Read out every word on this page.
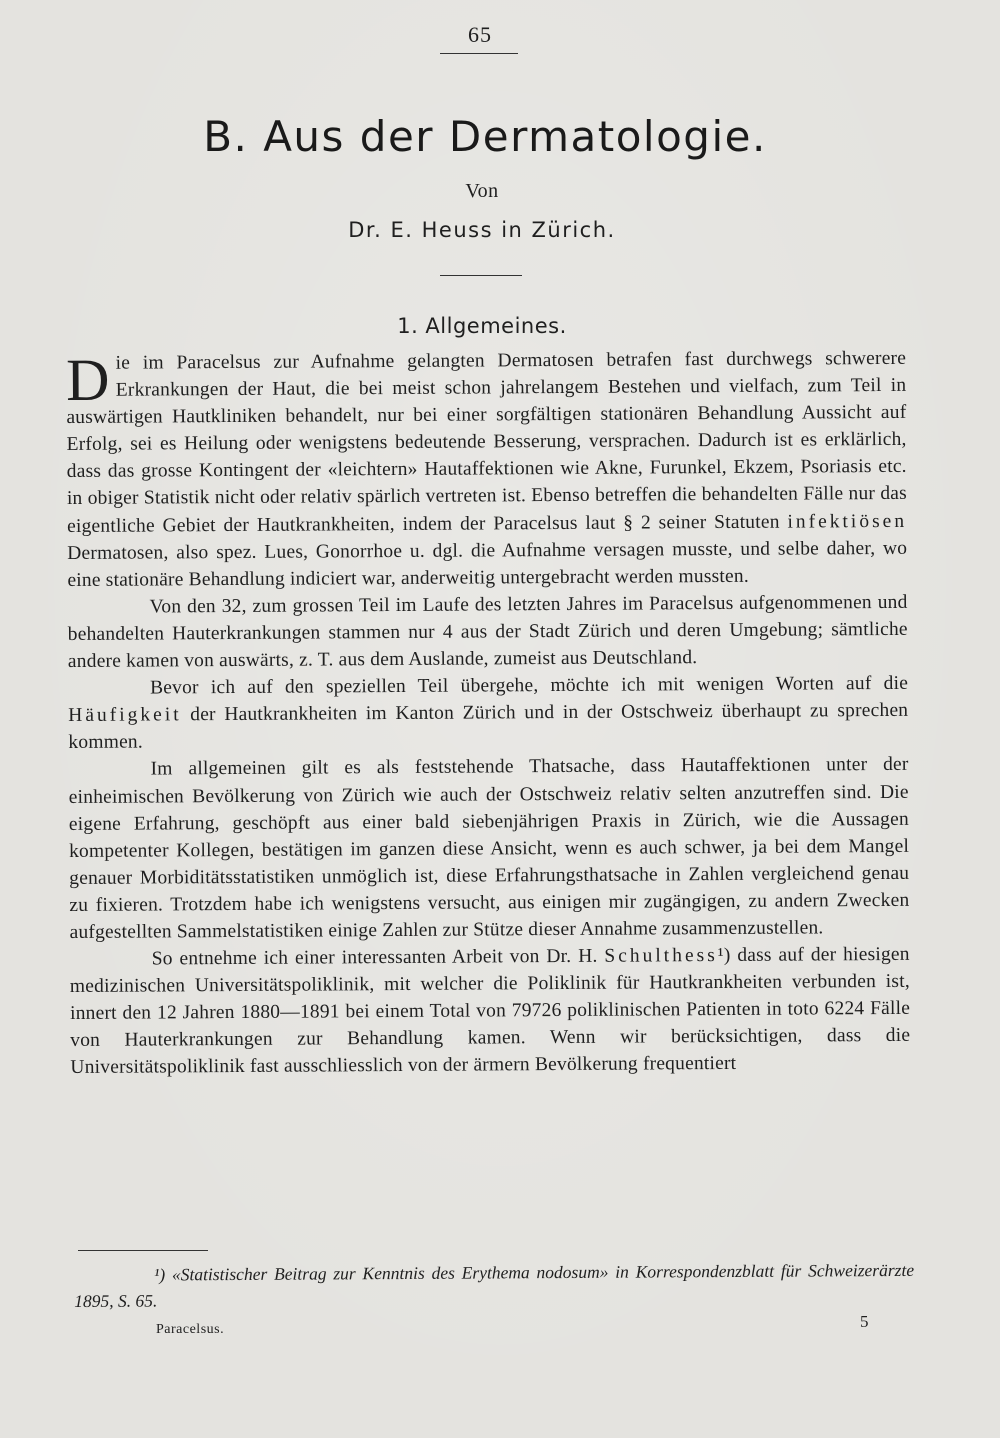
65
B. Aus der Dermatologie.
Von
Dr. E. Heuss in Zürich.
1. Allgemeines.

Die im Paracelsus zur Aufnahme gelangten Dermatosen betrafen fast durchwegs schwerere Erkrankungen der Haut, die bei meist schon jahrelangem Bestehen und vielfach, zum Teil in auswärtigen Hautkliniken behandelt, nur bei einer sorgfältigen stationären Behandlung Aussicht auf Erfolg, sei es Heilung oder wenigstens bedeutende Besserung, versprachen. Dadurch ist es erklärlich, dass das grosse Kontingent der «leichtern» Hautaffektionen wie Akne, Furunkel, Ekzem, Psoriasis etc. in obiger Statistik nicht oder relativ spärlich vertreten ist. Ebenso betreffen die behandelten Fälle nur das eigentliche Gebiet der Hautkrankheiten, indem der Paracelsus laut § 2 seiner Statuten infektiösen Dermatosen, also spez. Lues, Gonorrhoe u. dgl. die Aufnahme versagen musste, und selbe daher, wo eine stationäre Behandlung indiciert war, anderweitig untergebracht werden mussten.

Von den 32, zum grossen Teil im Laufe des letzten Jahres im Paracelsus aufgenommenen und behandelten Hauterkrankungen stammen nur 4 aus der Stadt Zürich und deren Umgebung; sämtliche andere kamen von auswärts, z. T. aus dem Auslande, zumeist aus Deutschland.

Bevor ich auf den speziellen Teil übergehe, möchte ich mit wenigen Worten auf die Häufigkeit der Hautkrankheiten im Kanton Zürich und in der Ostschweiz überhaupt zu sprechen kommen.

Im allgemeinen gilt es als feststehende Thatsache, dass Hautaffektionen unter der einheimischen Bevölkerung von Zürich wie auch der Ostschweiz relativ selten anzutreffen sind. Die eigene Erfahrung, geschöpft aus einer bald siebenjährigen Praxis in Zürich, wie die Aussagen kompetenter Kollegen, bestätigen im ganzen diese Ansicht, wenn es auch schwer, ja bei dem Mangel genauer Morbiditätsstatistiken unmöglich ist, diese Erfahrungsthatsache in Zahlen vergleichend genau zu fixieren. Trotzdem habe ich wenigstens versucht, aus einigen mir zugängigen, zu andern Zwecken aufgestellten Sammelstatistiken einige Zahlen zur Stütze dieser Annahme zusammenzustellen.

So entnehme ich einer interessanten Arbeit von Dr. H. Schulthess¹) dass auf der hiesigen medizinischen Universitätspoliklinik, mit welcher die Poliklinik für Hautkrankheiten verbunden ist, innert den 12 Jahren 1880—1891 bei einem Total von 79726 poliklinischen Patienten in toto 6224 Fälle von Hauterkrankungen zur Behandlung kamen. Wenn wir berücksichtigen, dass die Universitätspoliklinik fast ausschliesslich von der ärmern Bevölkerung frequentiert

¹) «Statistischer Beitrag zur Kenntnis des Erythema nodosum» in Korrespondenzblatt für Schweizerärzte 1895, S. 65.
Paracelsus.	5
